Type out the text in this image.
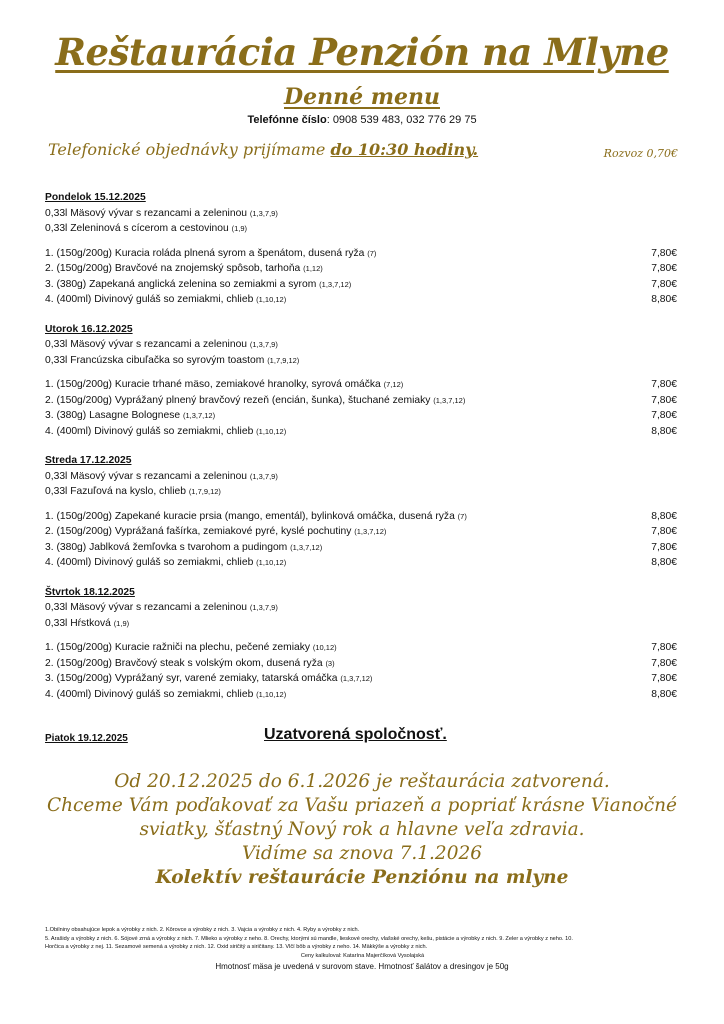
Reštaurácia Penzión na Mlyne
Denné menu
Telefónne číslo: 0908 539 483, 032 776 29 75
Telefonické objednávky prijímame do 10:30 hodiny.	Rozvoz 0,70€
Pondelok 15.12.2025
0,33l Mäsový vývar s rezancami a zeleninou (1,3,7,9)
0,33l Zeleninová s cícerom a cestovinou (1,9)
1. (150g/200g) Kuracia roláda plnená syrom a špenátom, dusená ryža (7)	7,80€
2. (150g/200g) Bravčové na znojemský spôsob, tarhoňa (1,12)	7,80€
3. (380g) Zapekaná anglická zelenina so zemiakmi a syrom (1,3,7,12)	7,80€
4. (400ml) Divinový guláš so zemiakmi, chlieb (1,10,12)	8,80€
Utorok 16.12.2025
0,33l Mäsový vývar s rezancami a zeleninou (1,3,7,9)
0,33l Francúzska cibuľačka so syrovým toastom (1,7,9,12)
1. (150g/200g) Kuracie trhané mäso, zemiakové hranolky, syrová omáčka (7,12)	7,80€
2. (150g/200g) Vyprážaný plnený bravčový rezeň (encián, šunka), štuchané zemiaky (1,3,7,12)	7,80€
3. (380g) Lasagne Bolognese (1,3,7,12)	7,80€
4. (400ml) Divinový guláš so zemiakmi, chlieb (1,10,12)	8,80€
Streda 17.12.2025
0,33l Mäsový vývar s rezancami a zeleninou (1,3,7,9)
0,33l Fazuľová na kyslo, chlieb (1,7,9,12)
1. (150g/200g) Zapekané kuracie prsia (mango, ementál), bylinková omáčka, dusená ryža (7)	8,80€
2. (150g/200g) Vyprážaná fašírka, zemiakové pyré, kyslé pochutiny (1,3,7,12)	7,80€
3. (380g) Jablková žemľovka s tvarohom a pudingom (1,3,7,12)	7,80€
4. (400ml) Divinový guláš so zemiakmi, chlieb (1,10,12)	8,80€
Štvrtok 18.12.2025
0,33l Mäsový vývar s rezancami a zeleninou (1,3,7,9)
0,33l Hŕstková (1,9)
1. (150g/200g) Kuracie ražniči na plechu, pečené zemiaky (10,12)	7,80€
2. (150g/200g) Bravčový steak s volským okom, dusená ryža (3)	7,80€
3. (150g/200g) Vyprážaný syr, varené zemiaky, tatarská omáčka (1,3,7,12)	7,80€
4. (400ml) Divinový guláš so zemiakmi, chlieb (1,10,12)	8,80€
Piatok 19.12.2025	Uzatvorená spoločnosť.
Od 20.12.2025 do 6.1.2026 je reštaurácia zatvorená.
Chceme Vám poďakovať za Vašu priazeň a popriať krásne Vianočné
sviatky, šťastný Nový rok a hlavne veľa zdravia.
Vidíme sa znova 7.1.2026
Kolektív reštaurácie Penziónu na mlyne
1.Obilniny obsahujúce lepok a výrobky z nich. 2. Kôrovce a výrobky z nich. 3. Vajcia a výrobky z nich. 4. Ryby a výrobky z nich.
5. Arašidy a výrobky z nich. 6. Sójové zrná a výrobky z nich. 7. Mlieko a výrobky z neho. 8. Orechy, ktorými sú mandle, lieskové orechy, vlašské orechy, kešu, pistácie a výrobky z nich. 9. Zeler a výrobky z neho. 10.
Horčica a výrobky z nej. 11. Sezamové semená a výrobky z nich. 12. Oxid siričitý a siričitany. 13. Vlčí bôb a výrobky z neho. 14. Mäkkýše a výrobky z nich.
Ceny kalkuloval: Katarína Majerčíková Vysolajská
Hmotnosť mäsa je uvedená v surovom stave. Hmotnosť šalátov a dresingov je 50g
